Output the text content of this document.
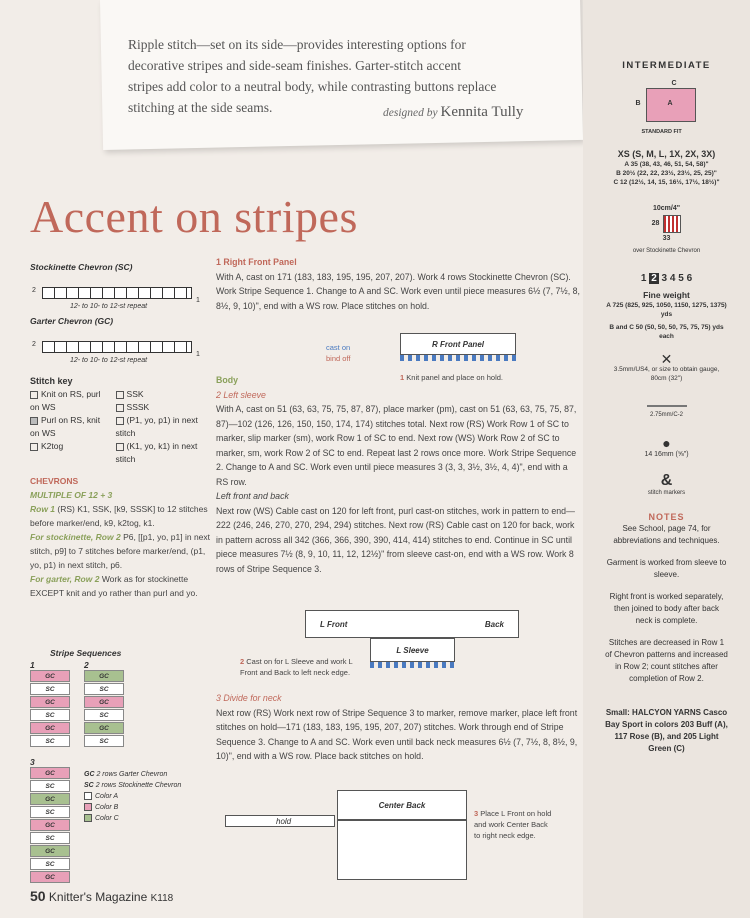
Ripple stitch—set on its side—provides interesting options for
decorative stripes and side-seam finishes. Garter-stitch accent
stripes add color to a neutral body, while contrasting buttons replace
stitching at the side seams.	designed by Kennita Tully
Accent on stripes
Stockinette Chevron (SC)
2
1
12- to 10- to 12-st repeat
Garter Chevron (GC)
2
1
12- to 10- to 12-st repeat
Stitch key
Knit on RS, purl on WS
Purl on RS, knit on WS
K2tog
SSK
SSSK
(P1, yo, p1) in next stitch
(K1, yo, k1) in next stitch
CHEVRONS
MULTIPLE OF 12 + 3
Row 1 (RS) K1, SSK, [k9, SSSK] to 12 stitches before marker/end, k9, k2tog, k1.
For stockinette, Row 2 P6, [[p1, yo, p1] in next stitch, p9] to 7 stitches before marker/end, (p1, yo, p1) in next stitch, p6.
For garter, Row 2 Work as for stockinette EXCEPT knit and yo rather than purl and yo.
Stripe Sequences
1
GC
SC
GC
SC
GC
SC
2
GC
SC
GC
SC
GC
SC
3
GC
SC
GC
SC
GC
SC
GC
SC
GC
GC 2 rows Garter Chevron
SC 2 rows Stockinette Chevron
Color A
Color B
Color C
1 Right Front Panel
With A, cast on 171 (183, 183, 195, 195, 207, 207). Work 4 rows Stockinette Chevron (SC). Work Stripe Sequence 1. Change to A and SC. Work even until piece measures 6½ (7, 7½, 8, 8½, 9, 10)", end with a WS row. Place stitches on hold.
Body
2 Left sleeve
With A, cast on 51 (63, 63, 75, 75, 87, 87), place marker (pm), cast on 51 (63, 63, 75, 75, 87, 87)—102 (126, 126, 150, 150, 174, 174) stitches total. Next row (RS) Work Row 1 of SC to marker, slip marker (sm), work Row 1 of SC to end. Next row (WS) Work Row 2 of SC to marker, sm, work Row 2 of SC to end. Repeat last 2 rows once more. Work Stripe Sequence 2. Change to A and SC. Work even until piece measures 3 (3, 3, 3½, 3½, 4, 4)", end with a RS row.
Left front and back
Next row (WS) Cable cast on 120 for left front, purl cast-on stitches, work in pattern to end—222 (246, 246, 270, 270, 294, 294) stitches. Next row (RS) Cable cast on 120 for back, work in pattern across all 342 (366, 366, 390, 390, 414, 414) stitches to end. Continue in SC until piece measures 7½ (8, 9, 10, 11, 12, 12½)" from sleeve cast-on, end with a WS row. Work 8 rows of Stripe Sequence 3.
3 Divide for neck
Next row (RS) Work next row of Stripe Sequence 3 to marker, remove marker, place left front stitches on hold—171 (183, 183, 195, 195, 207, 207) stitches. Work through end of Stripe Sequence 3. Change to A and SC. Work even until back neck measures 6½ (7, 7½, 8, 8½, 9, 10)", end with a WS row. Place back stitches on hold.
cast on
bind off
R Front Panel
1 Knit panel and place on hold.
L Front	Back
L Sleeve
2 Cast on for L Sleeve and work L Front and Back to left neck edge.
hold
Center Back
3 Place L Front on hold and work Center Back to right neck edge.
INTERMEDIATE
C
B	A
STANDARD FIT
XS (S, M, L, 1X, 2X, 3X)
A 35 (38, 43, 46, 51, 54, 58)"
B 20½ (22, 22, 23½, 23½, 25, 25)"
C 12 (12½, 14, 15, 16½, 17½, 18½)"
10cm/4"
28
33
over Stockinette Chevron
1 2 3 4 5 6
Fine weight
A 725 (825, 925, 1050, 1150, 1275, 1375) yds
B and C 50 (50, 50, 50, 75, 75, 75) yds each
✕
3.5mm/US4, or size to obtain gauge, 80cm (32")
2.75mm/C-2
●
14 16mm (⅝")
&
stitch markers
NOTES
See School, page 74, for abbreviations and techniques.
Garment is worked from sleeve to sleeve.
Right front is worked separately, then joined to body after back neck is complete.
Stitches are decreased in Row 1 of Chevron patterns and increased in Row 2; count stitches after completion of Row 2.
Small: HALCYON YARNS Casco Bay Sport in colors 203 Buff (A), 117 Rose (B), and 205 Light Green (C)
50 Knitter's Magazine K118
